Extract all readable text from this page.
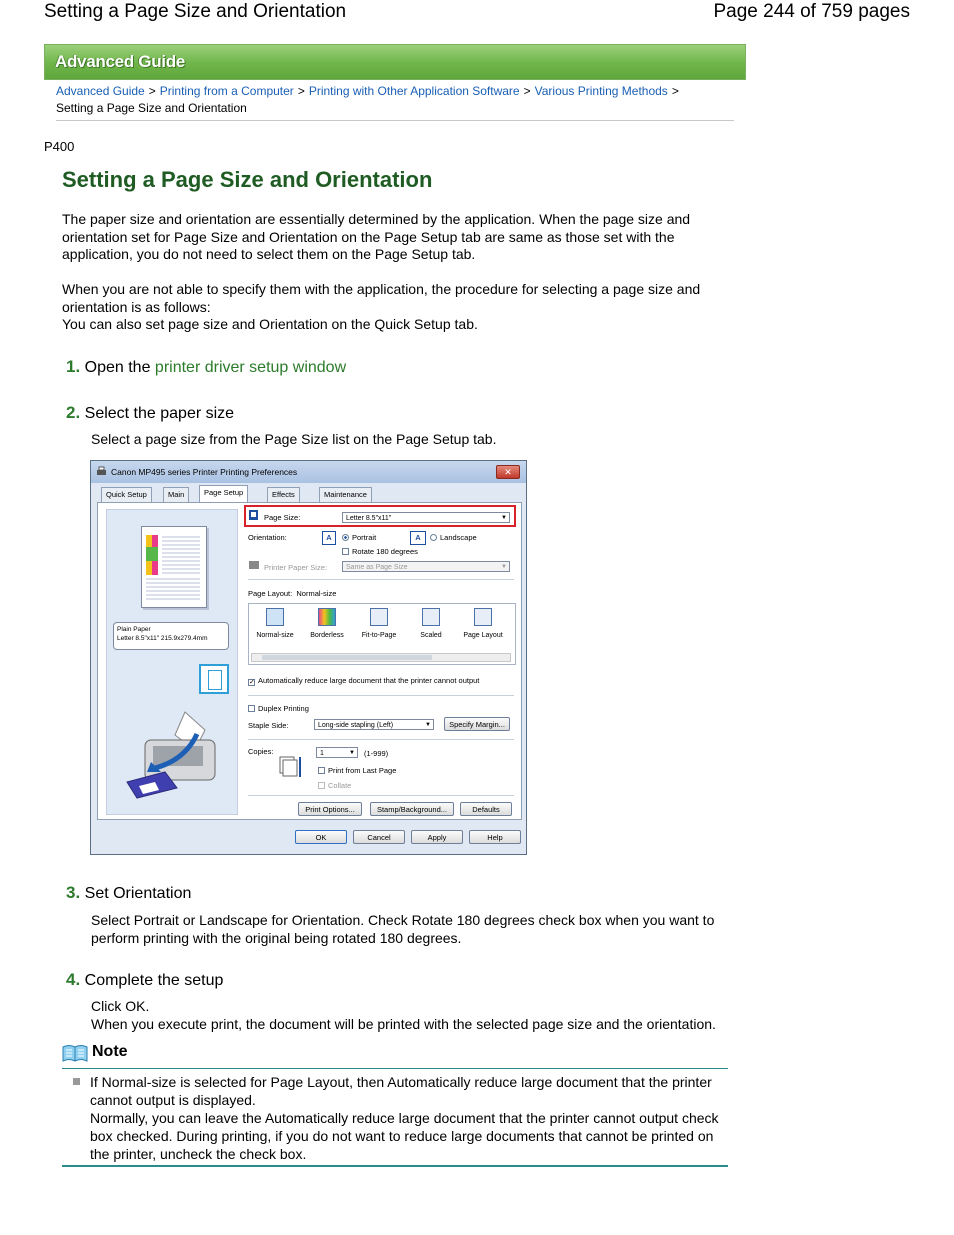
Setting a Page Size and Orientation	Page 244 of 759 pages
Advanced Guide
Advanced Guide > Printing from a Computer > Printing with Other Application Software > Various Printing Methods >
Setting a Page Size and Orientation
P400
Setting a Page Size and Orientation
The paper size and orientation are essentially determined by the application. When the page size and orientation set for Page Size and Orientation on the Page Setup tab are same as those set with the application, you do not need to select them on the Page Setup tab.
When you are not able to specify them with the application, the procedure for selecting a page size and orientation is as follows:
You can also set page size and Orientation on the Quick Setup tab.
1. Open the printer driver setup window
2. Select the paper size
Select a page size from the Page Size list on the Page Setup tab.
Canon MP495 series Printer Printing Preferences	✕
Quick Setup	Main	Page Setup	Effects	Maintenance
Plain Paper
Letter 8.5"x11" 215.9x279.4mm
Page Size:	Letter 8.5"x11" ▼
Orientation:	A	Portrait	A	Landscape
Rotate 180 degrees
Printer Paper Size:	Same as Page Size ▼
Page Layout: Normal-size
Normal-size	Borderless	Fit-to-Page	Scaled	Page Layout
✓ Automatically reduce large document that the printer cannot output
Duplex Printing
Staple Side:	Long-side stapling (Left) ▼	Specify Margin...
Copies:	1 ▼	(1-999)
Print from Last Page
Collate
Print Options...	Stamp/Background...	Defaults
OK	Cancel	Apply	Help
3. Set Orientation
Select Portrait or Landscape for Orientation. Check Rotate 180 degrees check box when you want to perform printing with the original being rotated 180 degrees.
4. Complete the setup
Click OK.
When you execute print, the document will be printed with the selected page size and the orientation.
Note
If Normal-size is selected for Page Layout, then Automatically reduce large document that the printer cannot output is displayed.
Normally, you can leave the Automatically reduce large document that the printer cannot output check box checked. During printing, if you do not want to reduce large documents that cannot be printed on the printer, uncheck the check box.
